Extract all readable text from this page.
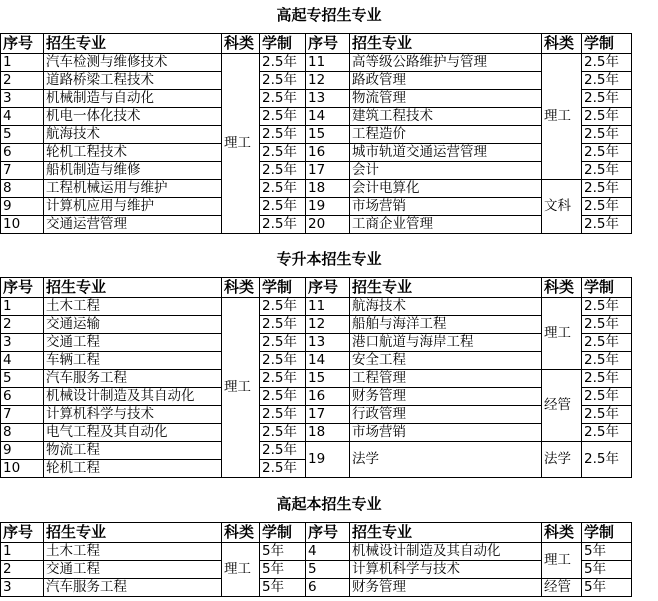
高起专招生专业
序号	招生专业	科类	学制	序号	招生专业	科类	学制
1	汽车检测与维修技术	理工	2.5年	11	高等级公路维护与管理	理工	2.5年
2	道路桥梁工程技术		2.5年	12	路政管理		2.5年
3	机械制造与自动化		2.5年	13	物流管理		2.5年
4	机电一体化技术		2.5年	14	建筑工程技术		2.5年
5	航海技术		2.5年	15	工程造价		2.5年
6	轮机工程技术		2.5年	16	城市轨道交通运营管理		2.5年
7	船机制造与维修		2.5年	17	会计		2.5年
8	工程机械运用与维护		2.5年	18	会计电算化	文科	2.5年
9	计算机应用与维护		2.5年	19	市场营销		2.5年
10	交通运营管理		2.5年	20	工商企业管理		2.5年
专升本招生专业
序号	招生专业	科类	学制	序号	招生专业	科类	学制
1	土木工程	理工	2.5年	11	航海技术	理工	2.5年
2	交通运输		2.5年	12	船舶与海洋工程		2.5年
3	交通工程		2.5年	13	港口航道与海岸工程		2.5年
4	车辆工程		2.5年	14	安全工程		2.5年
5	汽车服务工程		2.5年	15	工程管理	经管	2.5年
6	机械设计制造及其自动化		2.5年	16	财务管理		2.5年
7	计算机科学与技术		2.5年	17	行政管理		2.5年
8	电气工程及其自动化		2.5年	18	市场营销		2.5年
9	物流工程		2.5年	19	法学	法学	2.5年
10	轮机工程		2.5年				
高起本招生专业
序号	招生专业	科类	学制	序号	招生专业	科类	学制
1	土木工程	理工	5年	4	机械设计制造及其自动化	理工	5年
2	交通工程		5年	5	计算机科学与技术		5年
3	汽车服务工程		5年	6	财务管理	经管	5年
